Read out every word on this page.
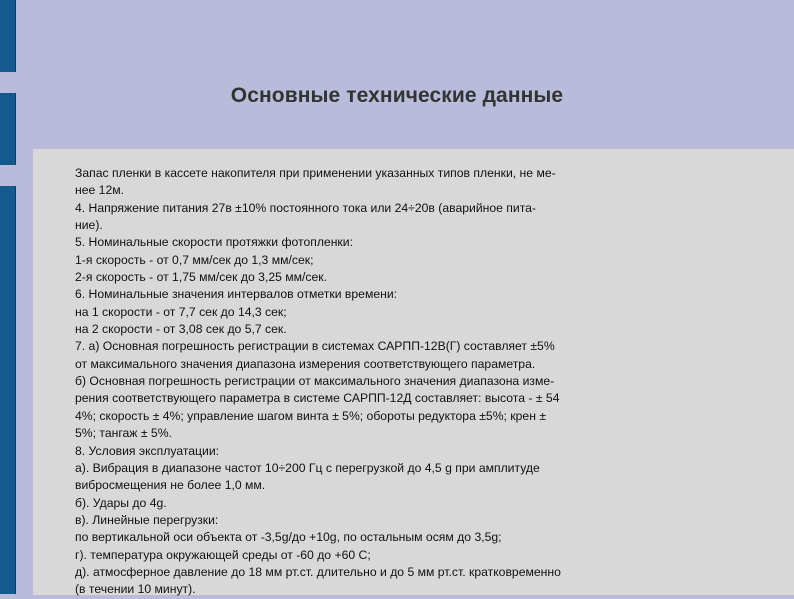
Основные технические данные
Запас пленки в кассете накопителя при применении указанных типов пленки, не ме-
нее 12м.
4. Напряжение питания 27в ±10% постоянного тока или 24÷20в (аварийное пита-
ние).
5. Номинальные скорости протяжки фотопленки:
1-я скорость - от 0,7 мм/сек до 1,3 мм/сек;
2-я скорость - от 1,75 мм/сек до 3,25 мм/сек.
6. Номинальные значения интервалов отметки времени:
на 1 скорости - от 7,7 сек до 14,3 сек;
на 2 скорости - от 3,08 сек до 5,7 сек.
7. а) Основная погрешность регистрации в системах САРПП-12В(Г) составляет ±5%
от максимального значения диапазона измерения соответствующего параметра.
б) Основная погрешность регистрации от максимального значения диапазона изме-
рения соответствующего параметра в системе САРПП-12Д составляет: высота - ± 54
4%; скорость ± 4%; управление шагом винта ± 5%; обороты редуктора ±5%; крен ±
5%; тангаж ± 5%.
8. Условия эксплуатации:
а). Вибрация в диапазоне частот 10÷200 Гц с перегрузкой до 4,5 g при амплитуде
вибросмещения не более 1,0 мм.
б). Удары до 4g.
в). Линейные перегрузки:
по вертикальной оси объекта от -3,5g/до +10g, по остальным осям до 3,5g;
г). температура окружающей среды от -60 до +60 С;
д). атмосферное давление до 18 мм рт.ст. длительно и до 5 мм рт.ст. кратковременно
(в течении 10 минут).
